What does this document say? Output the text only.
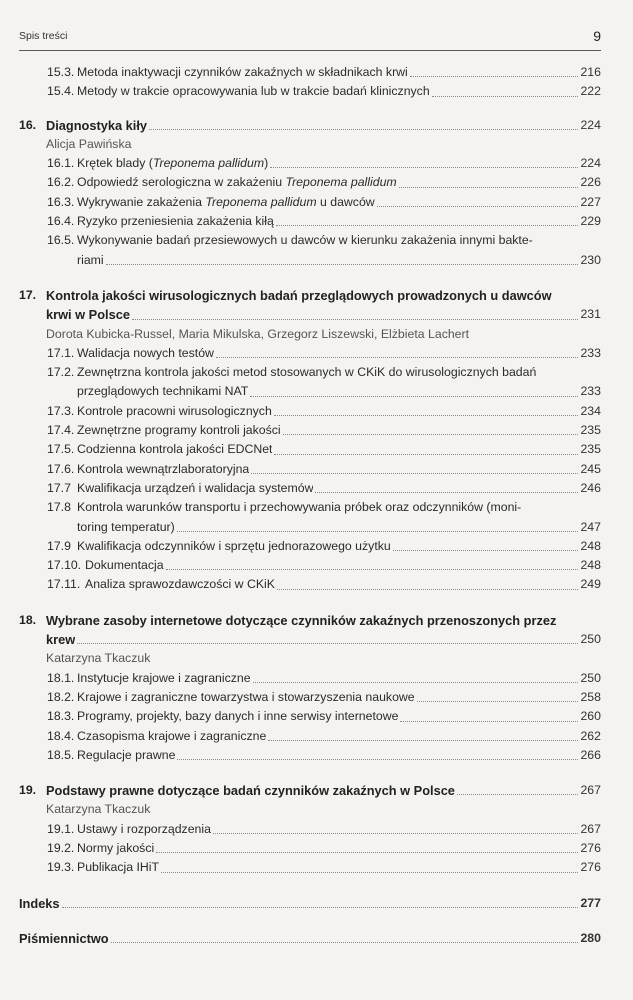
Spis treści	9
15.3. Metoda inaktywacji czynników zakaźnych w składnikach krwi	216
15.4. Metody w trakcie opracowywania lub w trakcie badań klinicznych	222
16. Diagnostyka kiły	224
Alicja Pawińska
16.1. Krętek blady (Treponema pallidum)	224
16.2. Odpowiedź serologiczna w zakażeniu Treponema pallidum	226
16.3. Wykrywanie zakażenia Treponema pallidum u dawców	227
16.4. Ryzyko przeniesienia zakażenia kiłą	229
16.5. Wykonywanie badań przesiewowych u dawców w kierunku zakażenia innymi bakte-
riami	230
17. Kontrola jakości wirusologicznych badań przeglądowych prowadzonych u dawców
krwi w Polsce	231
Dorota Kubicka-Russel, Maria Mikulska, Grzegorz Liszewski, Elżbieta Lachert
17.1. Walidacja nowych testów	233
17.2. Zewnętrzna kontrola jakości metod stosowanych w CKiK do wirusologicznych badań
przeglądowych technikami NAT	233
17.3. Kontrole pracowni wirusologicznych	234
17.4. Zewnętrzne programy kontroli jakości	235
17.5. Codzienna kontrola jakości EDCNet	235
17.6. Kontrola wewnątrzlaboratoryjna	245
17.7 Kwalifikacja urządzeń i walidacja systemów	246
17.8 Kontrola warunków transportu i przechowywania próbek oraz odczynników (moni-
toring temperatur)	247
17.9 Kwalifikacja odczynników i sprzętu jednorazowego użytku	248
17.10. Dokumentacja	248
17.11. Analiza sprawozdawczości w CKiK	249
18. Wybrane zasoby internetowe dotyczące czynników zakaźnych przenoszonych przez
krew	250
Katarzyna Tkaczuk
18.1. Instytucje krajowe i zagraniczne	250
18.2. Krajowe i zagraniczne towarzystwa i stowarzyszenia naukowe	258
18.3. Programy, projekty, bazy danych i inne serwisy internetowe	260
18.4. Czasopisma krajowe i zagraniczne	262
18.5. Regulacje prawne	266
19. Podstawy prawne dotyczące badań czynników zakaźnych w Polsce	267
Katarzyna Tkaczuk
19.1. Ustawy i rozporządzenia	267
19.2. Normy jakości	276
19.3. Publikacja IHiT	276
Indeks	277
Piśmiennictwo	280
